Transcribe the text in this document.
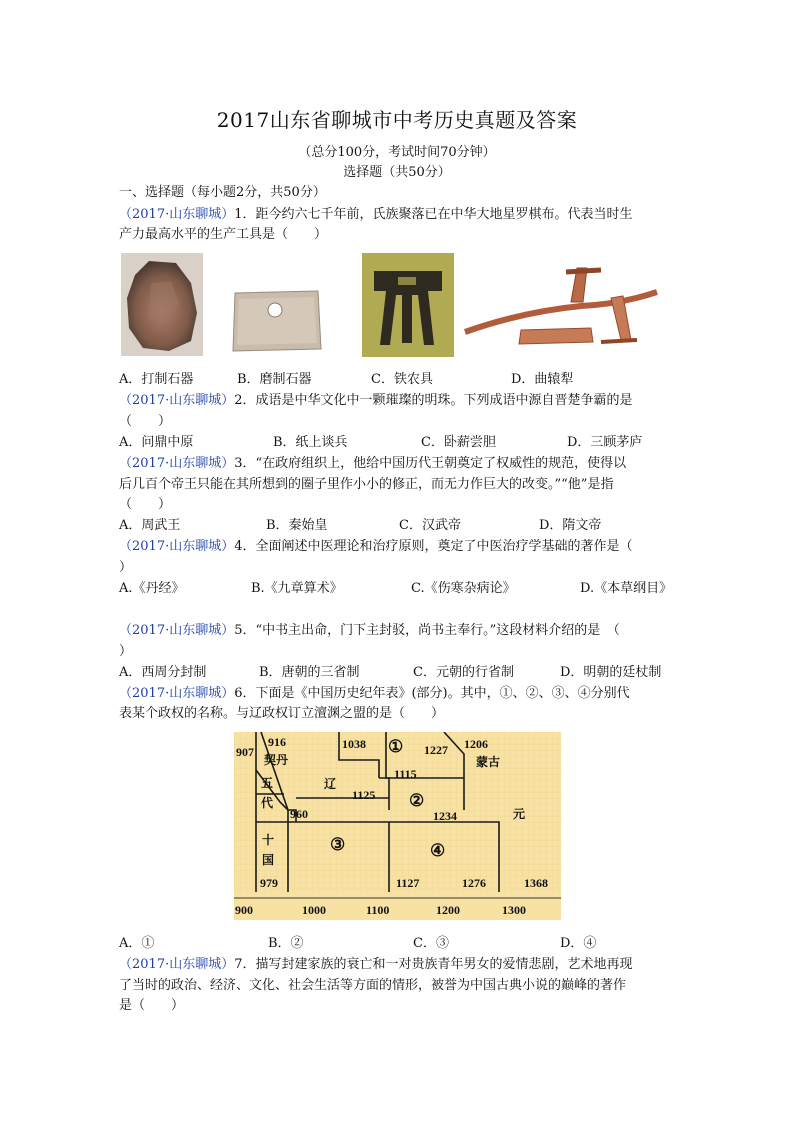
2017山东省聊城市中考历史真题及答案
（总分100分，考试时间70分钟）
选择题（共50分）
一、选择题（每小题2分，共50分）
（2017·山东聊城）1．距今约六七千年前，氏族聚落已在中华大地星罗棋布。代表当时生
产力最高水平的生产工具是（　　）
A．打制石器	B．磨制石器	C．铁农具	D．曲辕犁
（2017·山东聊城）2．成语是中华文化中一颗璀璨的明珠。下列成语中源自晋楚争霸的是
（　　）
A．问鼎中原	B．纸上谈兵	C．卧薪尝胆	D．三顾茅庐
（2017·山东聊城）3．“在政府组织上，他给中国历代王朝奠定了权威性的规范，使得以
后几百个帝王只能在其所想到的圈子里作小小的修正，而无力作巨大的改变。”“他”是指
（　　）
A．周武王	B．秦始皇	C．汉武帝	D．隋文帝
（2017·山东聊城）4．全面阐述中医理论和治疗原则，奠定了中医治疗学基础的著作是（
）
A.《丹经》	B.《九章算术》	C.《伤寒杂病论》	D.《本草纲目》
（2017·山东聊城）5．“中书主出命，门下主封驳，尚书主奉行。”这段材料介绍的是　（
）
A．西周分封制	B．唐朝的三省制	C．元朝的行省制	D．明朝的廷杖制
（2017·山东聊城）6．下面是《中国历史纪年表》(部分)。其中，①、②、③、④分别代
表某个政权的名称。与辽政权订立澶渊之盟的是（　　）
907
916
契丹
1038 ① 1227 1206
蒙古
五
代
辽
1115
1125 ②
元
960	1234
十
国
③	④
979	1127	1276	1368
900	1000	1100	1200	1300
A．①	B．②	C．③	D．④
（2017·山东聊城）7．描写封建家族的衰亡和一对贵族青年男女的爱情悲剧，艺术地再现
了当时的政治、经济、文化、社会生活等方面的情形，被誉为中国古典小说的巅峰的著作
是（　　）
